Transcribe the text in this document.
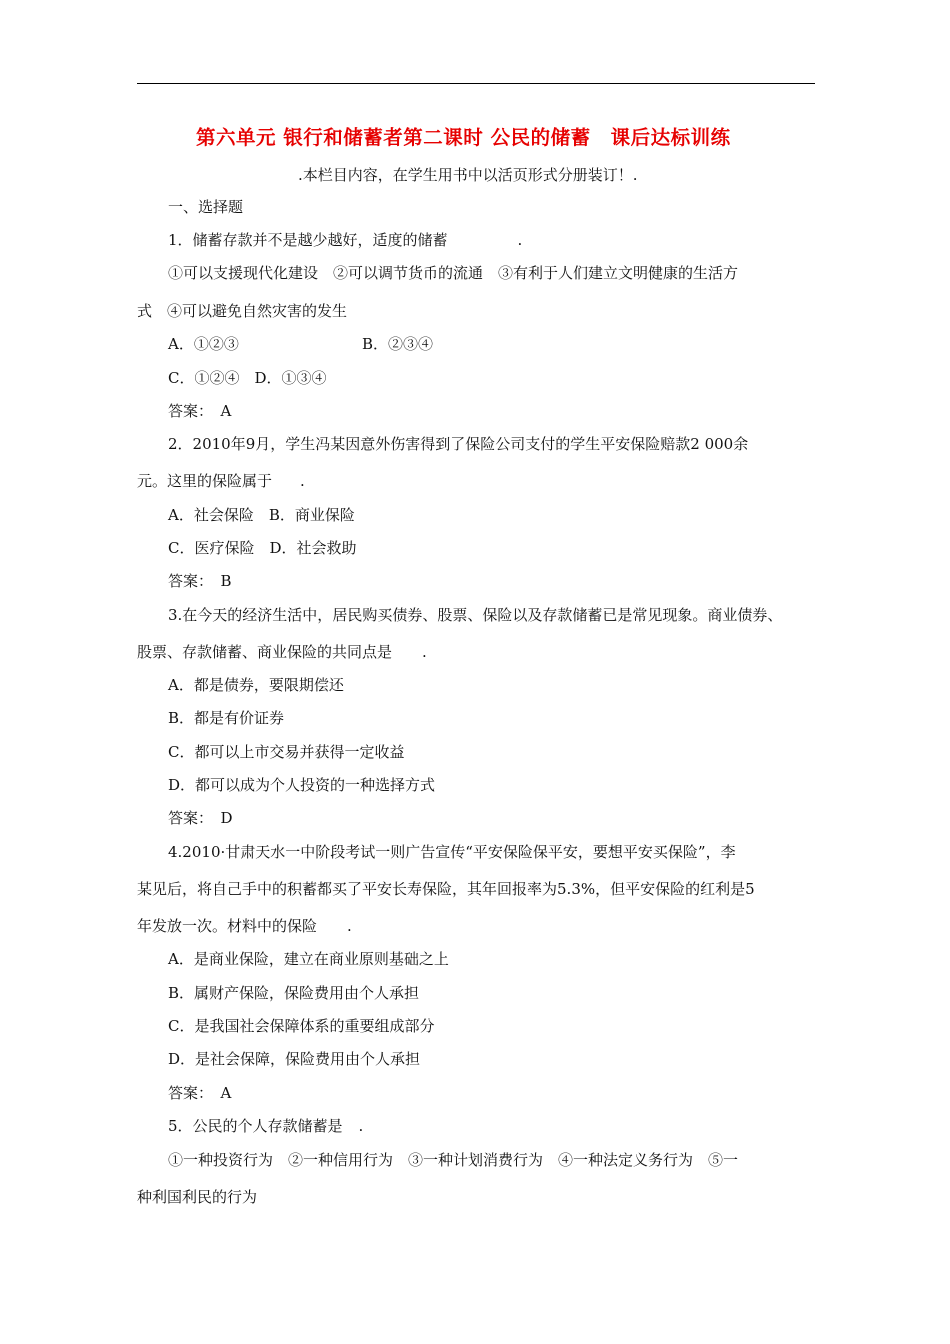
第六单元 银行和储蓄者第二课时 公民的储蓄　课后达标训练
.本栏目内容，在学生用书中以活页形式分册装订！.
一、选择题
1．储蓄存款并不是越少越好，适度的储蓄	.
①可以支援现代化建设　②可以调节货币的流通　③有利于人们建立文明健康的生活方
式　④可以避免自然灾害的发生
A．①②③	B．②③④
C．①②④　D．①③④
答案：　A
2．2010年9月，学生冯某因意外伤害得到了保险公司支付的学生平安保险赔款2 000余
元。这里的保险属于 .
A．社会保险　B．商业保险
C．医疗保险　D．社会救助
答案：　B
3.在今天的经济生活中，居民购买债券、股票、保险以及存款储蓄已是常见现象。商业债券、
股票、存款储蓄、商业保险的共同点是 .
A．都是债券，要限期偿还
B．都是有价证券
C．都可以上市交易并获得一定收益
D．都可以成为个人投资的一种选择方式
答案：　D
4.2010·甘肃天水一中阶段考试一则广告宣传“平安保险保平安，要想平安买保险”，李
某见后，将自己手中的积蓄都买了平安长寿保险，其年回报率为5.3%，但平安保险的红利是5
年发放一次。材料中的保险 .
A．是商业保险，建立在商业原则基础之上
B．属财产保险，保险费用由个人承担
C．是我国社会保障体系的重要组成部分
D．是社会保障，保险费用由个人承担
答案：　A
5．公民的个人存款储蓄是 .
①一种投资行为　②一种信用行为　③一种计划消费行为　④一种法定义务行为　⑤一
种利国利民的行为
